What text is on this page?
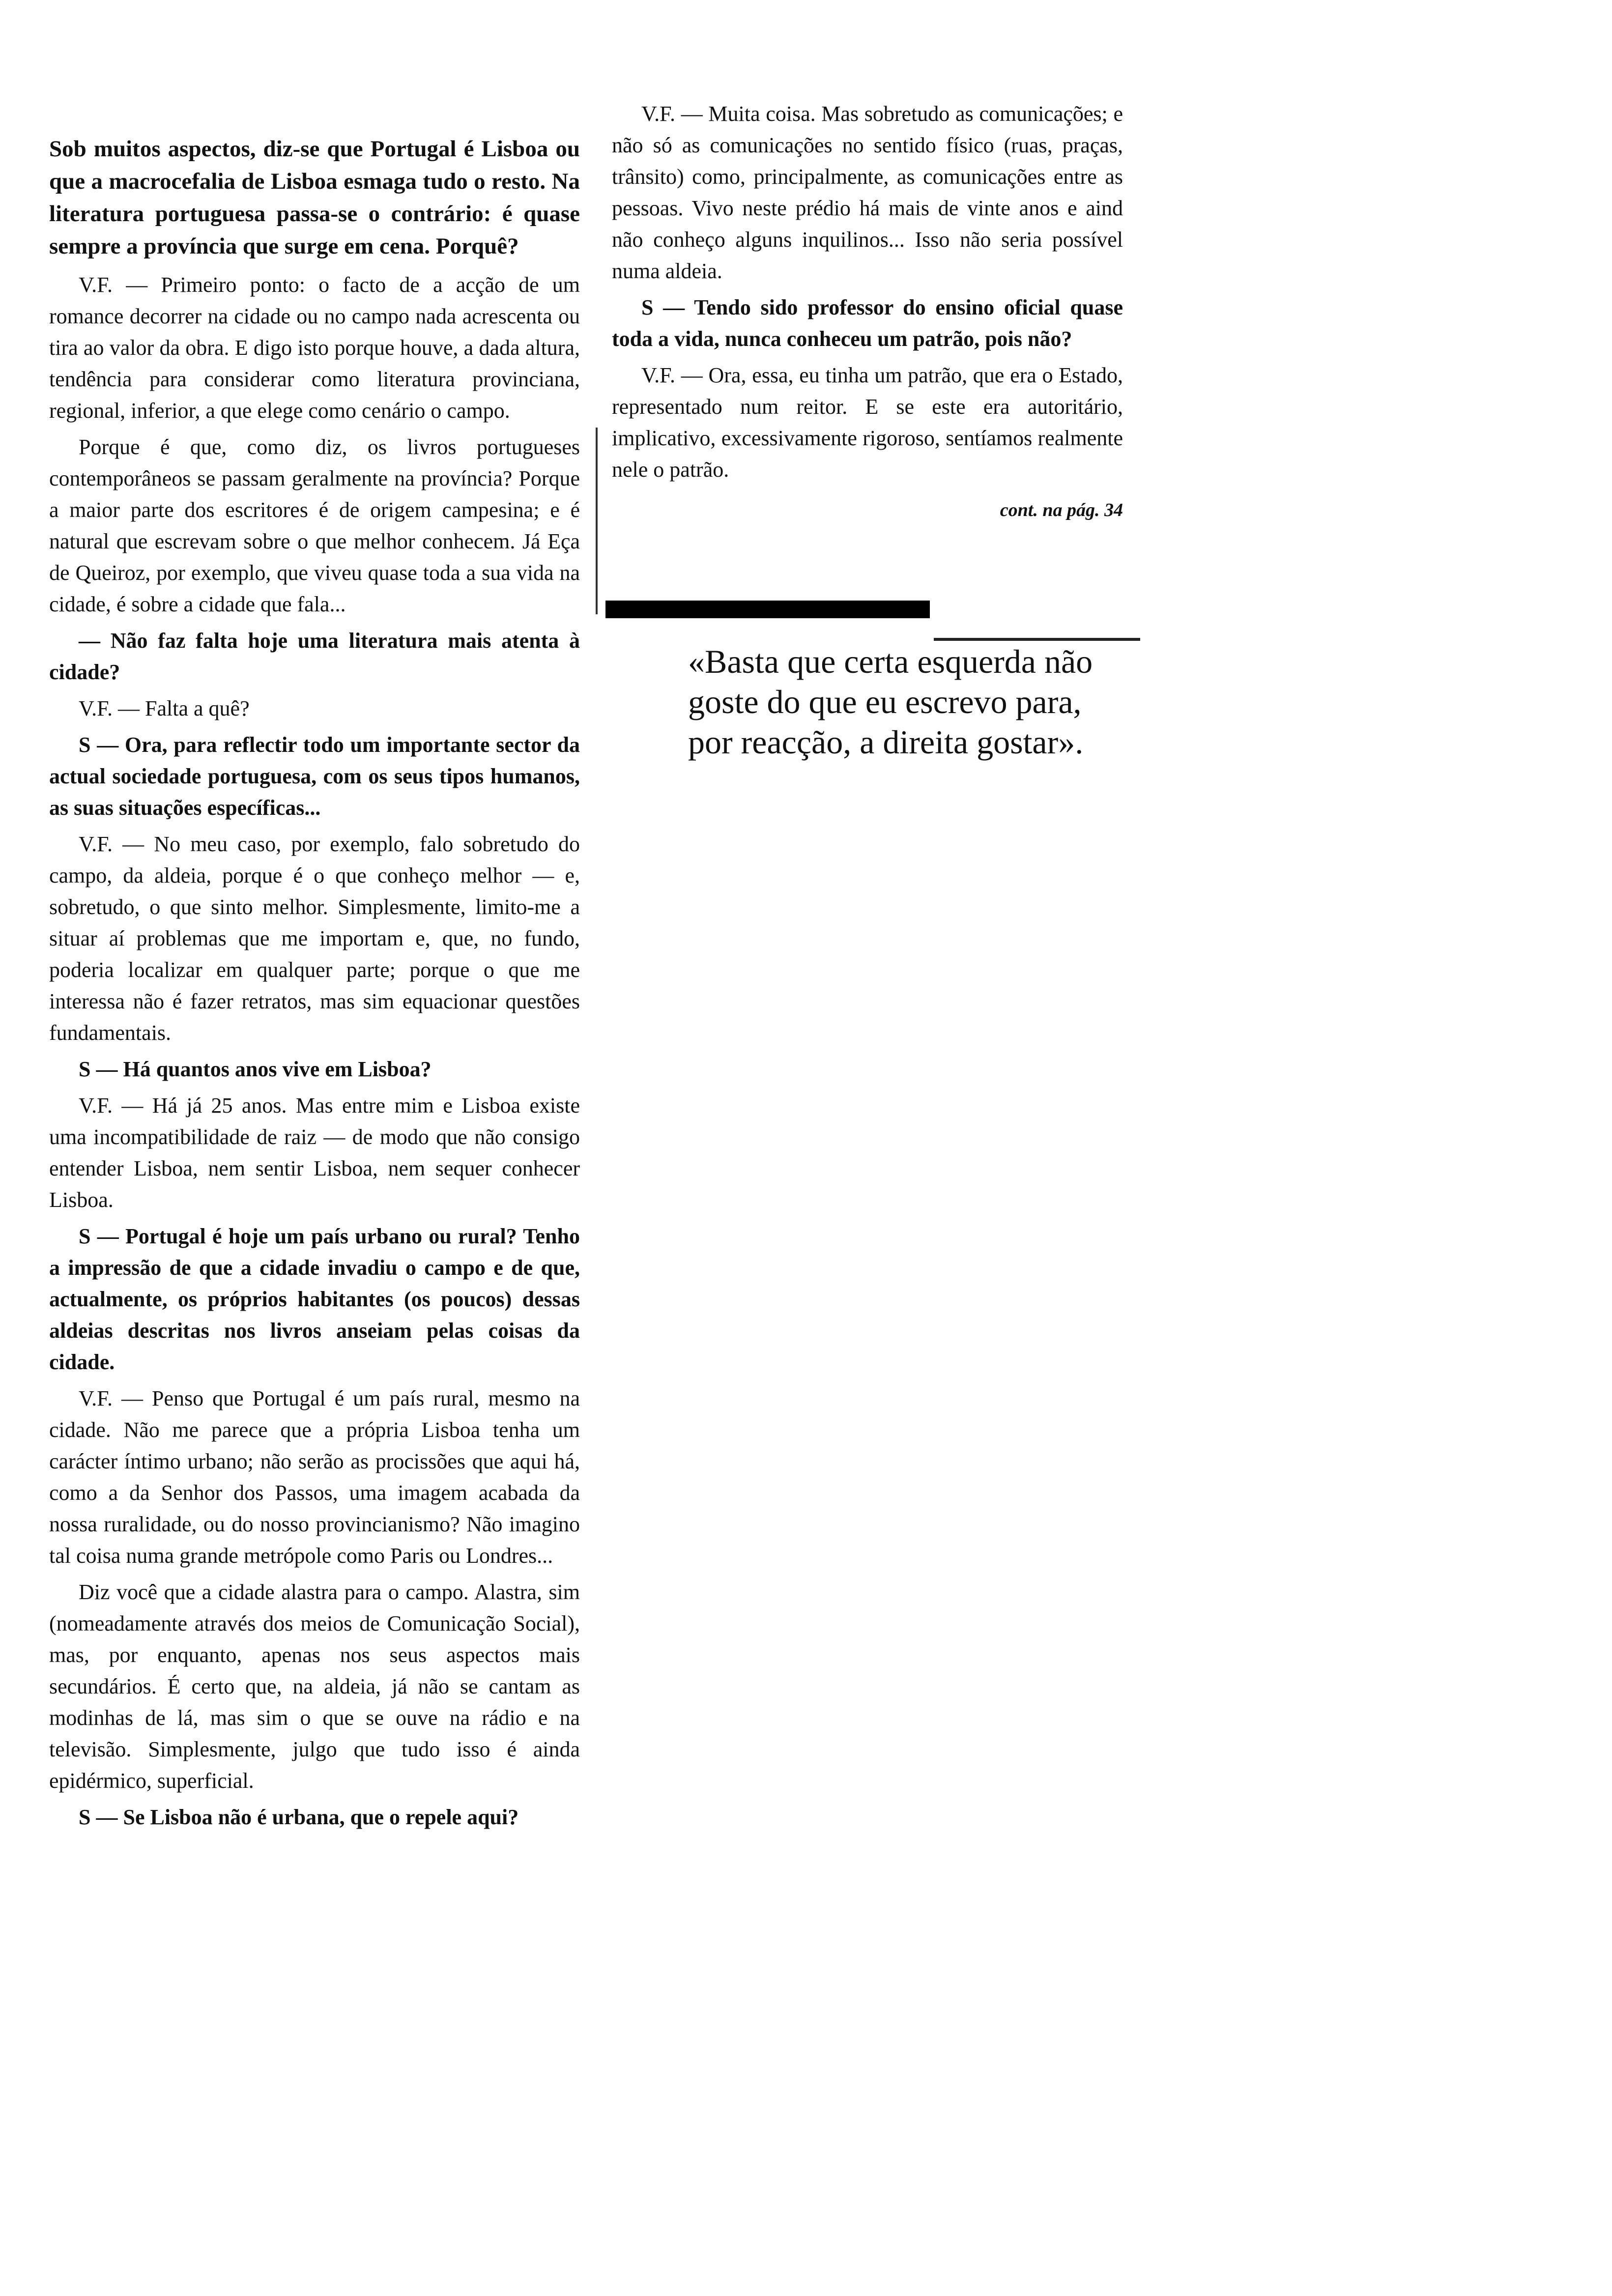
Sob muitos aspectos, diz-se que Portugal é Lisboa ou que a macrocefalia de Lisboa esmaga tudo o resto. Na literatura portuguesa passa-se o contrário: é quase sempre a província que surge em cena. Porquê?

V.F. — Primeiro ponto: o facto de a acção de um romance decorrer na cidade ou no campo nada acrescenta ou tira ao valor da obra. E digo isto porque houve, a dada altura, tendência para considerar como literatura provinciana, regional, inferior, a que elege como cenário o campo.

Porque é que, como diz, os livros portugueses contemporâneos se passam geralmente na província? Porque a maior parte dos escritores é de origem campesina; e é natural que escrevam sobre o que melhor conhecem. Já Eça de Queiroz, por exemplo, que viveu quase toda a sua vida na cidade, é sobre a cidade que fala...

— Não faz falta hoje uma literatura mais atenta à cidade?

V.F. — Falta a quê?

S — Ora, para reflectir todo um importante sector da actual sociedade portuguesa, com os seus tipos humanos, as suas situações específicas...

V.F. — No meu caso, por exemplo, falo sobretudo do campo, da aldeia, porque é o que conheço melhor — e, sobretudo, o que sinto melhor. Simplesmente, limito-me a situar aí problemas que me importam e, que, no fundo, poderia localizar em qualquer parte; porque o que me interessa não é fazer retratos, mas sim equacionar questões fundamentais.

S — Há quantos anos vive em Lisboa?

V.F. — Há já 25 anos. Mas entre mim e Lisboa existe uma incompatibilidade de raiz — de modo que não consigo entender Lisboa, nem sentir Lisboa, nem sequer conhecer Lisboa.

S — Portugal é hoje um país urbano ou rural? Tenho a impressão de que a cidade invadiu o campo e de que, actualmente, os próprios habitantes (os poucos) dessas aldeias descritas nos livros anseiam pelas coisas da cidade.

V.F. — Penso que Portugal é um país rural, mesmo na cidade. Não me parece que a própria Lisboa tenha um carácter íntimo urbano; não serão as procissões que aqui há, como a da Senhor dos Passos, uma imagem acabada da nossa ruralidade, ou do nosso provincianismo? Não imagino tal coisa numa grande metrópole como Paris ou Londres...

Diz você que a cidade alastra para o campo. Alastra, sim (nomeadamente através dos meios de Comunicação Social), mas, por enquanto, apenas nos seus aspectos mais secundários. É certo que, na aldeia, já não se cantam as modinhas de lá, mas sim o que se ouve na rádio e na televisão. Simplesmente, julgo que tudo isso é ainda epidérmico, superficial.

S — Se Lisboa não é urbana, que o repele aqui?

V.F. — Muita coisa. Mas sobretudo as comunicações; e não só as comunicações no sentido físico (ruas, praças, trânsito) como, principalmente, as comunicações entre as pessoas. Vivo neste prédio há mais de vinte anos e aind não conheço alguns inquilinos... Isso não seria possível numa aldeia.

S — Tendo sido professor do ensino oficial quase toda a vida, nunca conheceu um patrão, pois não?

V.F. — Ora, essa, eu tinha um patrão, que era o Estado, representado num reitor. E se este era autoritário, implicativo, excessivamente rigoroso, sentíamos realmente nele o patrão.

cont. na pág. 34

«Basta que certa esquerda não goste do que eu escrevo para, por reacção, a direita gostar».
